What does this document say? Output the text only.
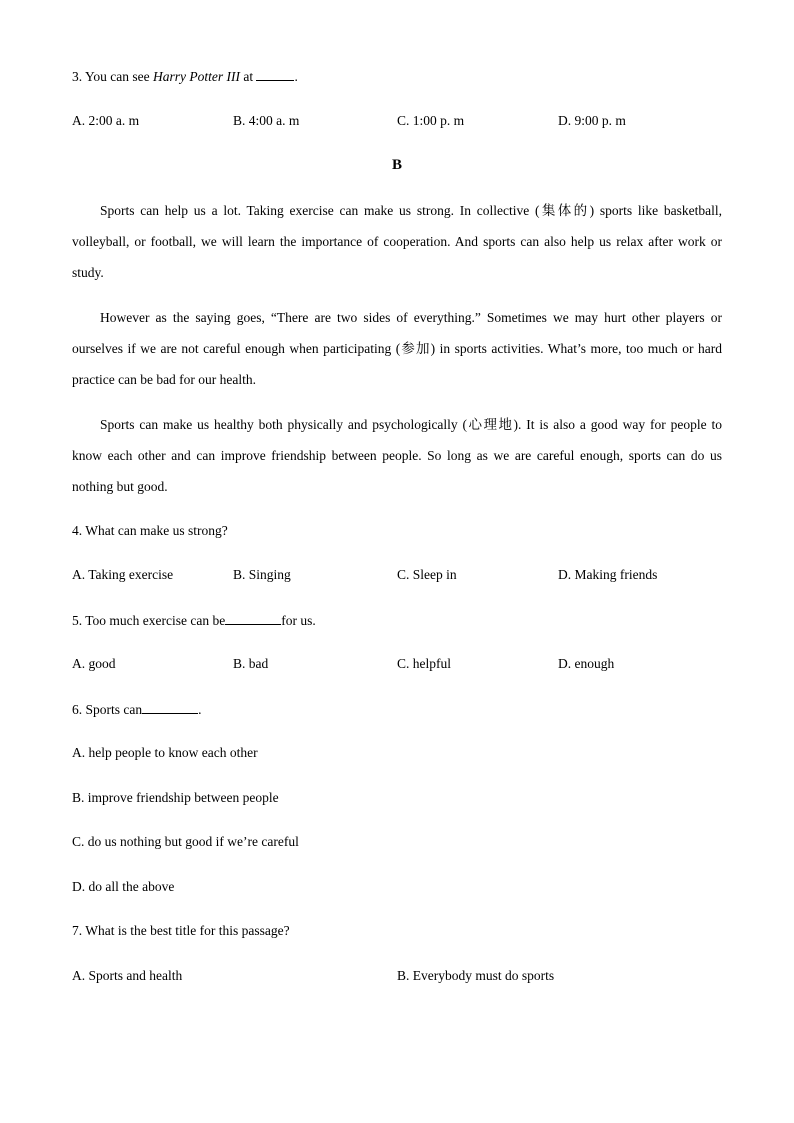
3. You can see Harry Potter III at	.
A. 2:00 a. m	B. 4:00 a. m	C. 1:00 p. m	D. 9:00 p. m
B
Sports can help us a lot. Taking exercise can make us strong. In collective (集体的) sports like basketball, volleyball, or football, we will learn the importance of cooperation. And sports can also help us relax after work or study.
However as the saying goes, “There are two sides of everything.” Sometimes we may hurt other players or ourselves if we are not careful enough when participating (参加) in sports activities. What’s more, too much or hard practice can be bad for our health.
Sports can make us healthy both physically and psychologically (心理地). It is also a good way for people to know each other and can improve friendship between people. So long as we are careful enough, sports can do us nothing but good.
4. What can make us strong?
A. Taking exercise	B. Singing	C. Sleep in	D. Making friends
5. Too much exercise can be	for us.
A. good	B. bad	C. helpful	D. enough
6. Sports can	.
A. help people to know each other
B. improve friendship between people
C. do us nothing but good if we’re careful
D. do all the above
7. What is the best title for this passage?
A. Sports and health	B. Everybody must do sports
